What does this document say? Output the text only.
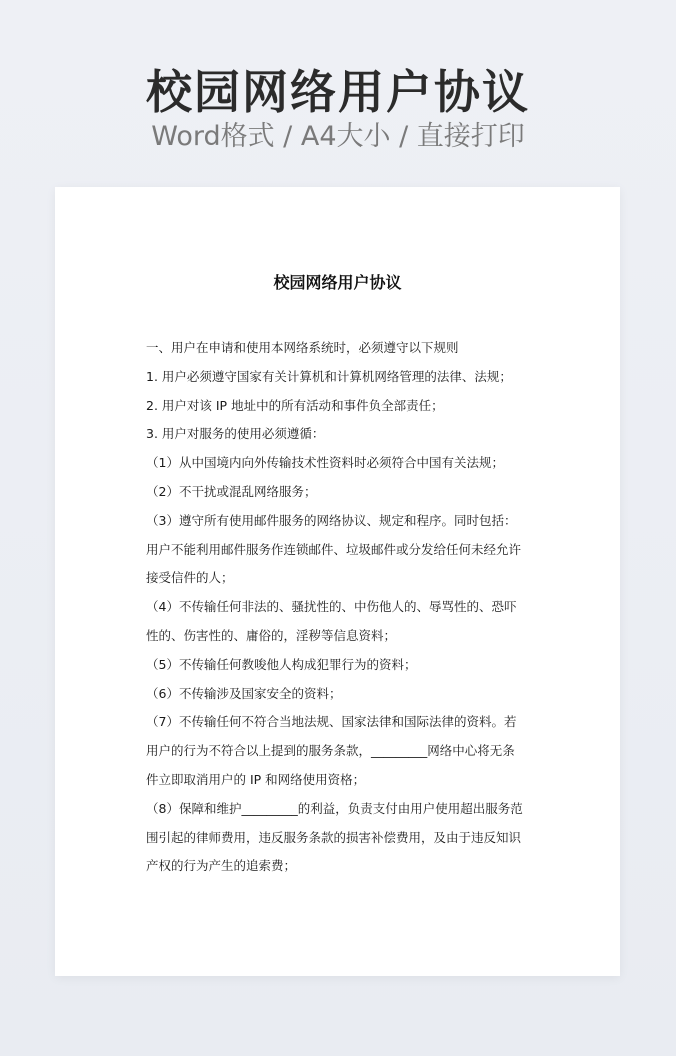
校园网络用户协议
Word格式 / A4大小 / 直接打印
校园网络用户协议
一、用户在申请和使用本网络系统时，必须遵守以下规则
1. 用户必须遵守国家有关计算机和计算机网络管理的法律、法规；
2. 用户对该 IP 地址中的所有活动和事件负全部责任；
3. 用户对服务的使用必须遵循：
（1）从中国境内向外传输技术性资料时必须符合中国有关法规；
（2）不干扰或混乱网络服务；
（3）遵守所有使用邮件服务的网络协议、规定和程序。同时包括：
用户不能利用邮件服务作连锁邮件、垃圾邮件或分发给任何未经允许
接受信件的人；
（4）不传输任何非法的、骚扰性的、中伤他人的、辱骂性的、恐吓
性的、伤害性的、庸俗的，淫秽等信息资料；
（5）不传输任何教唆他人构成犯罪行为的资料；
（6）不传输涉及国家安全的资料；
（7）不传输任何不符合当地法规、国家法律和国际法律的资料。若
用户的行为不符合以上提到的服务条款，_________网络中心将无条
件立即取消用户的 IP 和网络使用资格；
（8）保障和维护_________的利益，负责支付由用户使用超出服务范
围引起的律师费用，违反服务条款的损害补偿费用，及由于违反知识
产权的行为产生的追索费；
